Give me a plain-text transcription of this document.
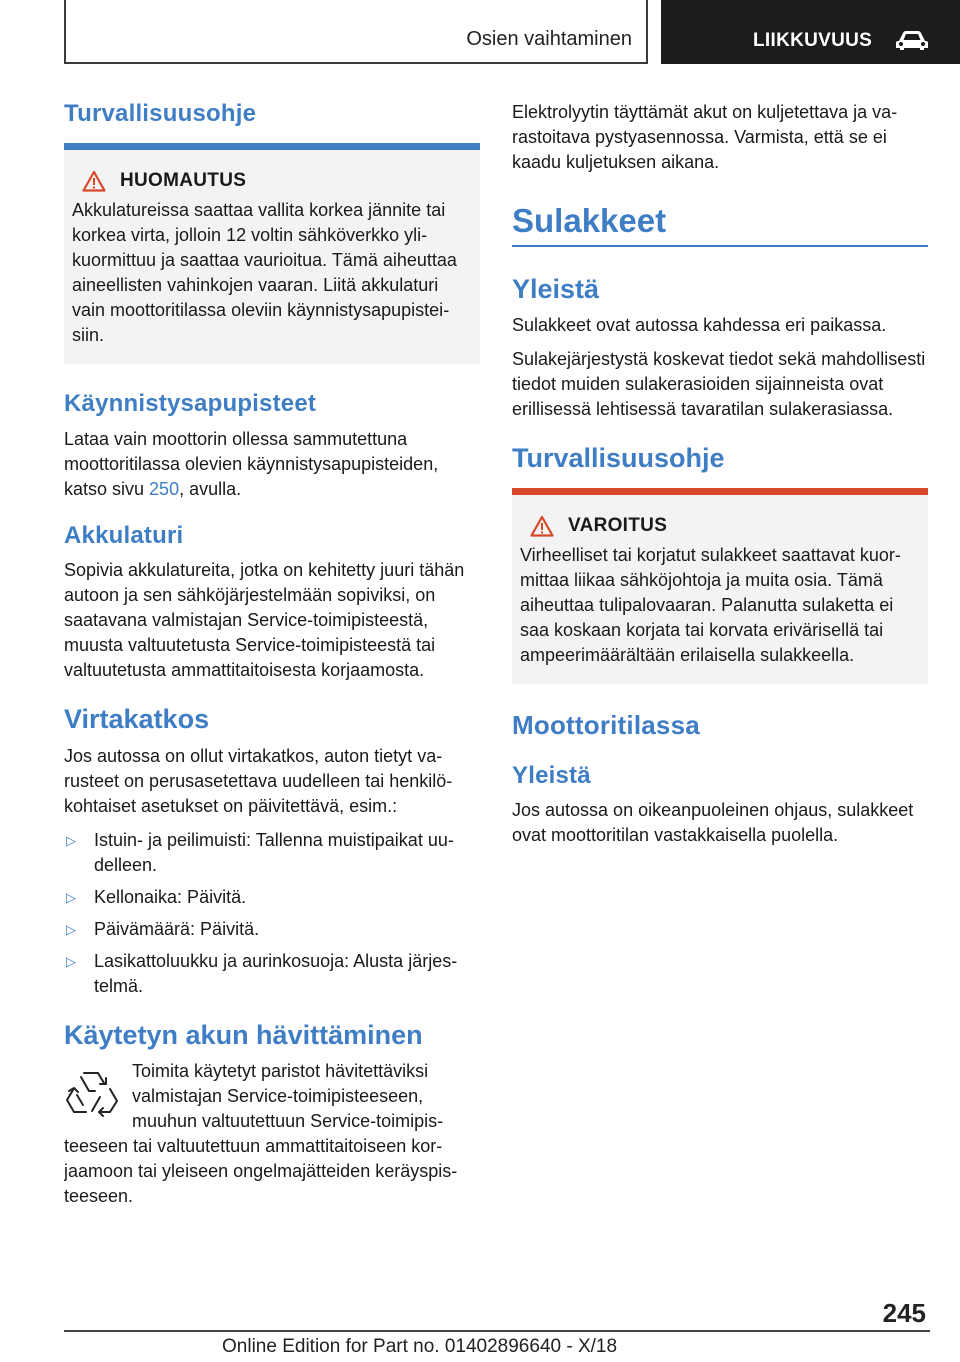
Osien vaihtaminen	LIIKKUVUUS
Turvallisuusohje
HUOMAUTUS

Akkulatureissa saattaa vallita korkea jännite tai korkea virta, jolloin 12 voltin sähköverkko ylikuormittuu ja saattaa vaurioitua. Tämä aiheuttaa aineellisten vahinkojen vaaran. Liitä akkulaturi vain moottoritilassa oleviin käynnistysapupisteisiin.

Käynnistysapupisteet

Lataa vain moottorin ollessa sammutettuna moottoritilassa olevien käynnistysapupisteiden, katso sivu 250, avulla.

Akkulaturi

Sopivia akkulatureita, jotka on kehitetty juuri tähän autoon ja sen sähköjärjestelmään sopiviksi, on saatavana valmistajan Service-toimipisteestä, muusta valtuutetusta Service-toimipisteestä tai valtuutetusta ammattitaitoisesta korjaamosta.

Virtakatkos

Jos autossa on ollut virtakatkos, auton tietyt varusteet on perusasetettava uudelleen tai henkilökohtaiset asetukset on päivitettävä, esim.:

▷	Istuin- ja peilimuisti: Tallenna muistipaikat uudelleen.
▷	Kellonaika: Päivitä.
▷	Päivämäärä: Päivitä.
▷	Lasikattoluukku ja aurinkosuoja: Alusta järjestelmä.
Käytetyn akun hävittäminen

Toimita käytetyt paristot hävitettäviksi valmistajan Service-toimipisteeseen, muuhun valtuutettuun Service-toimipisteeseen tai valtuutettuun ammattitaitoiseen korjaamoon tai yleiseen ongelmajätteiden keräyspisteeseen.

Elektrolyytin täyttämät akut on kuljetettava ja varastoitava pystyasennossa. Varmista, että se ei kaadu kuljetuksen aikana.

Sulakkeet
Yleistä

Sulakkeet ovat autossa kahdessa eri paikassa.

Sulakejärjestystä koskevat tiedot sekä mahdollisesti tiedot muiden sulakerasioiden sijainneista ovat erillisessä lehtisessä tavaratilan sulakerasiassa.

Turvallisuusohje
VAROITUS

Virheelliset tai korjatut sulakkeet saattavat kuormittaa liikaa sähköjohtoja ja muita osia. Tämä aiheuttaa tulipalovaaran. Palanutta sulaketta ei saa koskaan korjata tai korvata erivärisellä tai ampeerimäärältään erilaisella sulakkeella.

Moottoritilassa
Yleistä

Jos autossa on oikeanpuoleinen ohjaus, sulakkeet ovat moottoritilan vastakkaisella puolella.

245
Online Edition for Part no. 01402896640 - X/18
